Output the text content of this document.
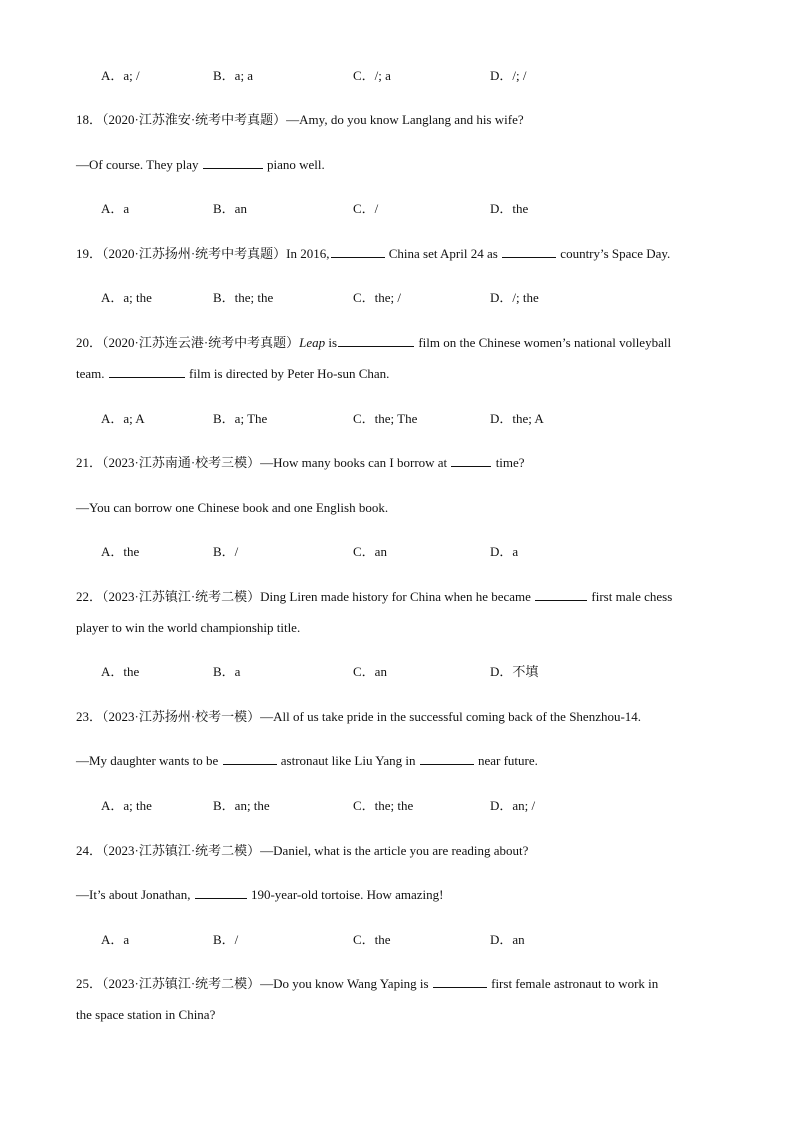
A．a; /	B．a; a	C．/; a	D．/; /
18．（2020·江苏淮安·统考中考真题）—Amy, do you know Langlang and his wife?
—Of course. They play	piano well.
A．a	B．an	C．/	D．the
19．（2020·江苏扬州·统考中考真题）In 2016,	China set April 24 as	country’s Space Day.
A．a; the	B．the; the	C．the; /	D．/; the
20．（2020·江苏连云港·统考中考真题）Leap is	film on the Chinese women’s national volleyball
team.	film is directed by Peter Ho-sun Chan.
A．a; A	B．a; The	C．the; The	D．the; A
21．（2023·江苏南通·校考三模）—How many books can I borrow at	time?
—You can borrow one Chinese book and one English book.
A．the	B．/	C．an	D．a
22．（2023·江苏镇江·统考二模）Ding Liren made history for China when he became	first male chess
player to win the world championship title.
A．the	B．a	C．an	D．不填
23．（2023·江苏扬州·校考一模）—All of us take pride in the successful coming back of the Shenzhou-14.
—My daughter wants to be	astronaut like Liu Yang in	near future.
A．a; the	B．an; the	C．the; the	D．an; /
24．（2023·江苏镇江·统考二模）—Daniel, what is the article you are reading about?
—It’s about Jonathan,	190-year-old tortoise. How amazing!
A．a	B．/	C．the	D．an
25．（2023·江苏镇江·统考二模）—Do you know Wang Yaping is	first female astronaut to work in
the space station in China?
